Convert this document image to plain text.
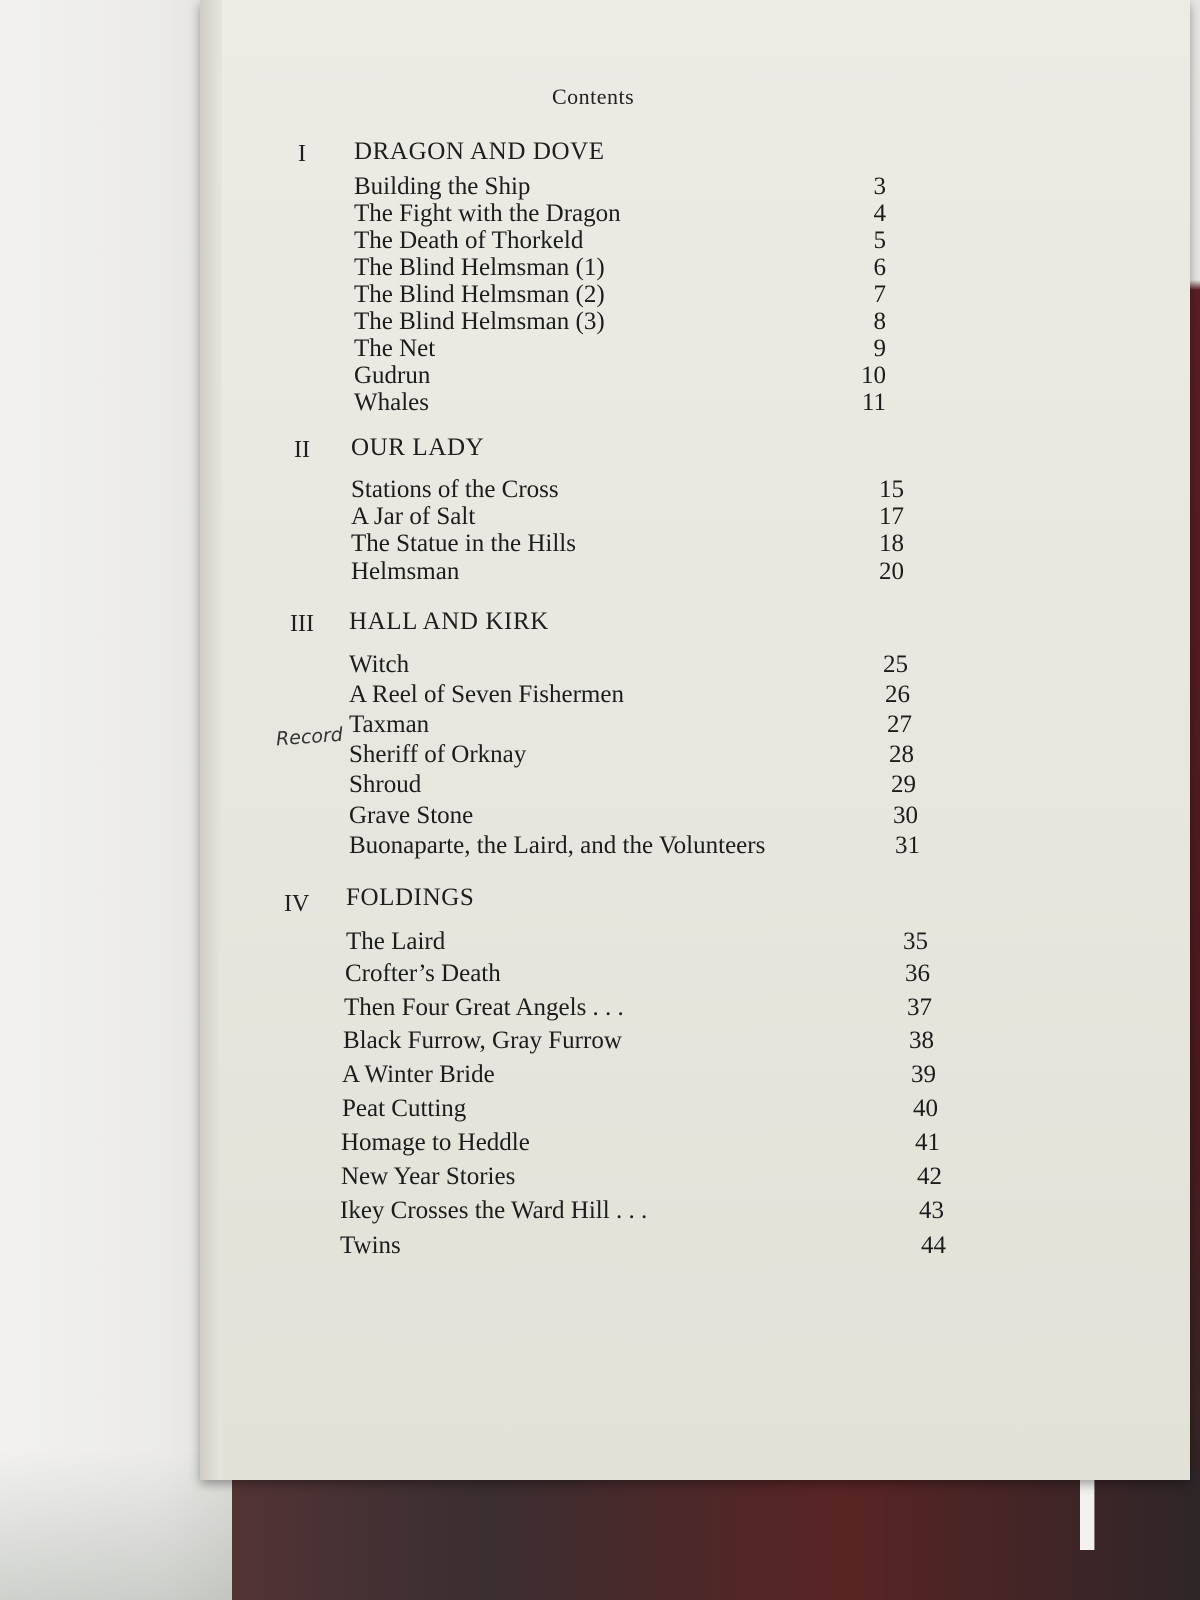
Contents
Record
I DRAGON AND DOVE
Building the Ship	3
The Fight with the Dragon	4
The Death of Thorkeld	5
The Blind Helmsman (1)	6
The Blind Helmsman (2)	7
The Blind Helmsman (3)	8
The Net	9
Gudrun	10
Whales	11
II OUR LADY
Stations of the Cross	15
A Jar of Salt	17
The Statue in the Hills	18
Helmsman	20
III HALL AND KIRK
Witch	25
A Reel of Seven Fishermen	26
Taxman	27
Sheriff of Orknay	28
Shroud	29
Grave Stone	30
Buonaparte, the Laird, and the Volunteers	31
IV FOLDINGS
The Laird	35
Crofter’s Death	36
Then Four Great Angels . . .	37
Black Furrow, Gray Furrow	38
A Winter Bride	39
Peat Cutting	40
Homage to Heddle	41
New Year Stories	42
Ikey Crosses the Ward Hill . . .	43
Twins	44
